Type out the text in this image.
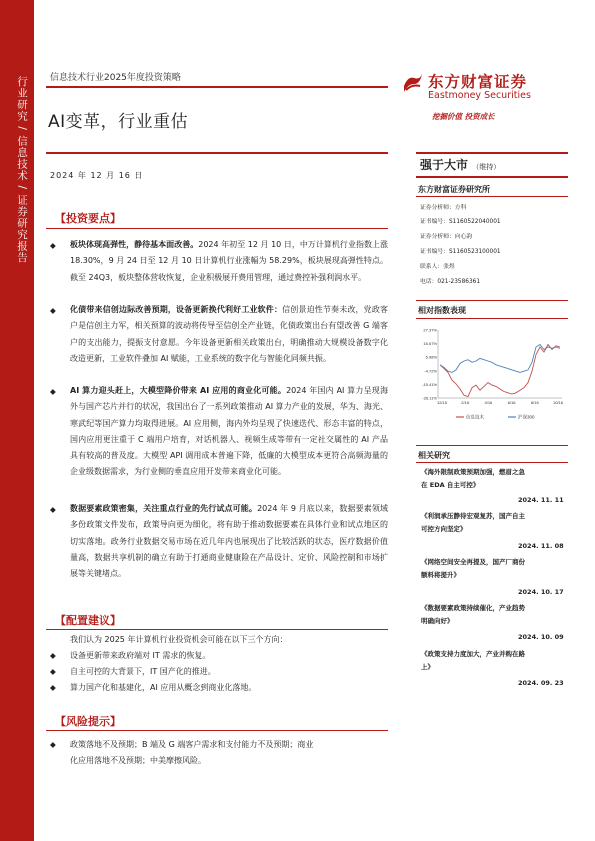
行业研究 / 信息技术 / 证券研究报告 信息技术行业2025年度投资策略
AI变革，行业重估
2024 年 12 月 16 日
东方财富证券
Eastmoney Securities
挖掘价值 投资成长
【投资要点】
◆ 板块体现高弹性，静待基本面改善。2024 年初至 12 月 10 日，中万计算机行业指数上涨 18.30%，9 月 24 日至 12 月 10 日计算机行业涨幅为 58.29%，板块展现高弹性特点。截至 24Q3，板块整体营收恢复，企业积极展开费用管理，通过费控补强利润水平。
◆ 化债带来信创边际改善预期，设备更新换代利好工业软件：信创景迫性节奏未改，党政客户是信创主力军，相关预算的波动将传导至信创全产业链，化债政策出台有望改善 G 端客户的支出能力，提振支付意愿。今年设备更新相关政策出台，明确推动大规模设备数字化改造更新，工业软件叠加 AI 赋能，工业系统的数字化与智能化同频共振。
◆ AI 算力迎头赶上，大模型降价带来 AI 应用的商业化可能。2024 年国内 AI 算力呈现海外与国产芯片并行的状况，我国出台了一系列政策推动 AI 算力产业的发展，华为、海光、寒武纪等国产算力均取得进展。AI 应用侧，海内外均呈现了快速迭代、形态丰富的特点，国内应用更注重于 C 端用户培育，对话机器人、视频生成等带有一定社交属性的 AI 产品具有较高的普及度。大模型 API 调用成本普遍下降，低廉的大模型成本更符合高频海量的企业级数据需求，为行业侧的垂直应用开发带来商业化可能。
◆ 数据要素政策密集，关注重点行业的先行试点可能。2024 年 9 月底以来，数据要素领域多份政策文件发布，政策导向更为细化，将有助于推动数据要素在具体行业和试点地区的切实落地。政务行业数据交易市场在近几年内也展现出了比较活跃的状态，医疗数据价值量高，数据共享机制的确立有助于打通商业健康险在产品设计、定价、风险控制和市场扩展等关键堵点。
【配置建议】
我们认为 2025 年计算机行业投资机会可能在以下三个方向：
◆ 设备更新带来政府端对 IT 需求的恢复。
◆ 自主可控的大背景下，IT 国产化的推进。
◆ 算力国产化和基建化，AI 应用从概念到商业化落地。
【风险提示】
◆ 政策落地不及预期；B 端及 G 端客户需求和支付能力不及预期；商业
化应用落地不及预期；中美摩擦风险。
强于大市 （维持）
东方财富证券研究所
证券分析师：方科
证书编号：S1160522040001
证券分析师：向心韵
证书编号：S1160523100001
联系人：张煜
电话：021-23586361
相对指数表现
27.37%
16.67%
5.98%
-4.72%
-15.41%
-26.11%
12/15	2/16	4/16	6/16	8/16	10/16
信息技术	沪深300
相关研究
《海外限制政策预期加强，燃眉之急
在 EDA 自主可控》
2024. 11. 11
《利润承压静待宏观复苏，国产自主
可控方向坚定》
2024. 11. 08
《网络空间安全再提及，国产厂商份
额料将提升》
2024. 10. 17
《数据要素政策持续催化，产业趋势
明确向好》
2024. 10. 09
《政策支持力度加大，产业并购在路
上》
2024. 09. 23
